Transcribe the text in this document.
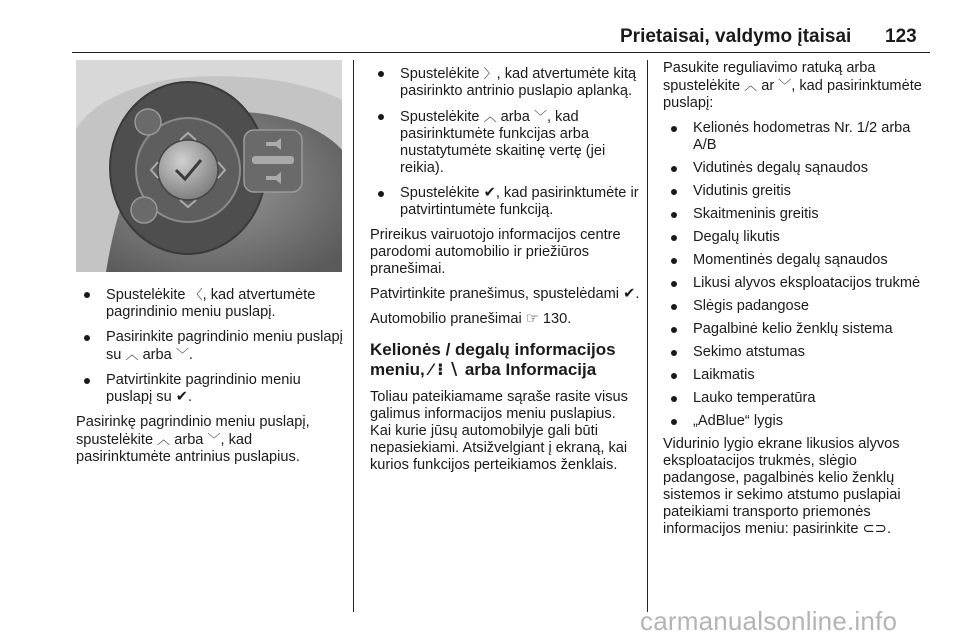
Prietaisai, valdymo įtaisai 123
Spustelėkite 〈, kad atvertumėte pagrindinio meniu puslapį.
Pasirinkite pagrindinio meniu puslapį su ︿ arba ﹀.
Patvirtinkite pagrindinio meniu puslapį su ✔.

Pasirinkę pagrindinio meniu puslapį, spustelėkite ︿ arba ﹀, kad pasirinktumėte antrinius puslapius.

Spustelėkite 〉, kad atvertumėte kitą pasirinkto antrinio puslapio aplanką.
Spustelėkite ︿ arba ﹀, kad pasirinktumėte funkcijas arba nustatytumėte skaitinę vertę (jei reikia).
Spustelėkite ✔, kad pasirinktumėte ir patvirtintumėte funkciją.

Prireikus vairuotojo informacijos centre parodomi automobilio ir priežiūros pranešimai.

Patvirtinkite pranešimus, spustelėdami ✔.

Automobilio pranešimai ☞ 130.

Kelionės / degalų informacijos
meniu, ⁄ ⁝ ∖ arba Informacija

Toliau pateikiamame sąraše rasite visus galimus informacijos meniu puslapius. Kai kurie jūsų automobilyje gali būti nepasiekiami. Atsižvelgiant į ekraną, kai kurios funkcijos perteikiamos ženklais.

Pasukite reguliavimo ratuką arba spustelėkite ︿ ar ﹀, kad pasirinktumėte puslapį:

Kelionės hodometras Nr. 1/2 arba A/B
Vidutinės degalų sąnaudos
Vidutinis greitis
Skaitmeninis greitis
Degalų likutis
Momentinės degalų sąnaudos
Likusi alyvos eksploatacijos trukmė
Slėgis padangose
Pagalbinė kelio ženklų sistema
Sekimo atstumas
Laikmatis
Lauko temperatūra
„AdBlue“ lygis

Vidurinio lygio ekrane likusios alyvos eksploatacijos trukmės, slėgio padangose, pagalbinės kelio ženklų sistemos ir sekimo atstumo puslapiai pateikiami transporto priemonės informacijos meniu: pasirinkite ⊂⊃.

carmanualsonline.info
